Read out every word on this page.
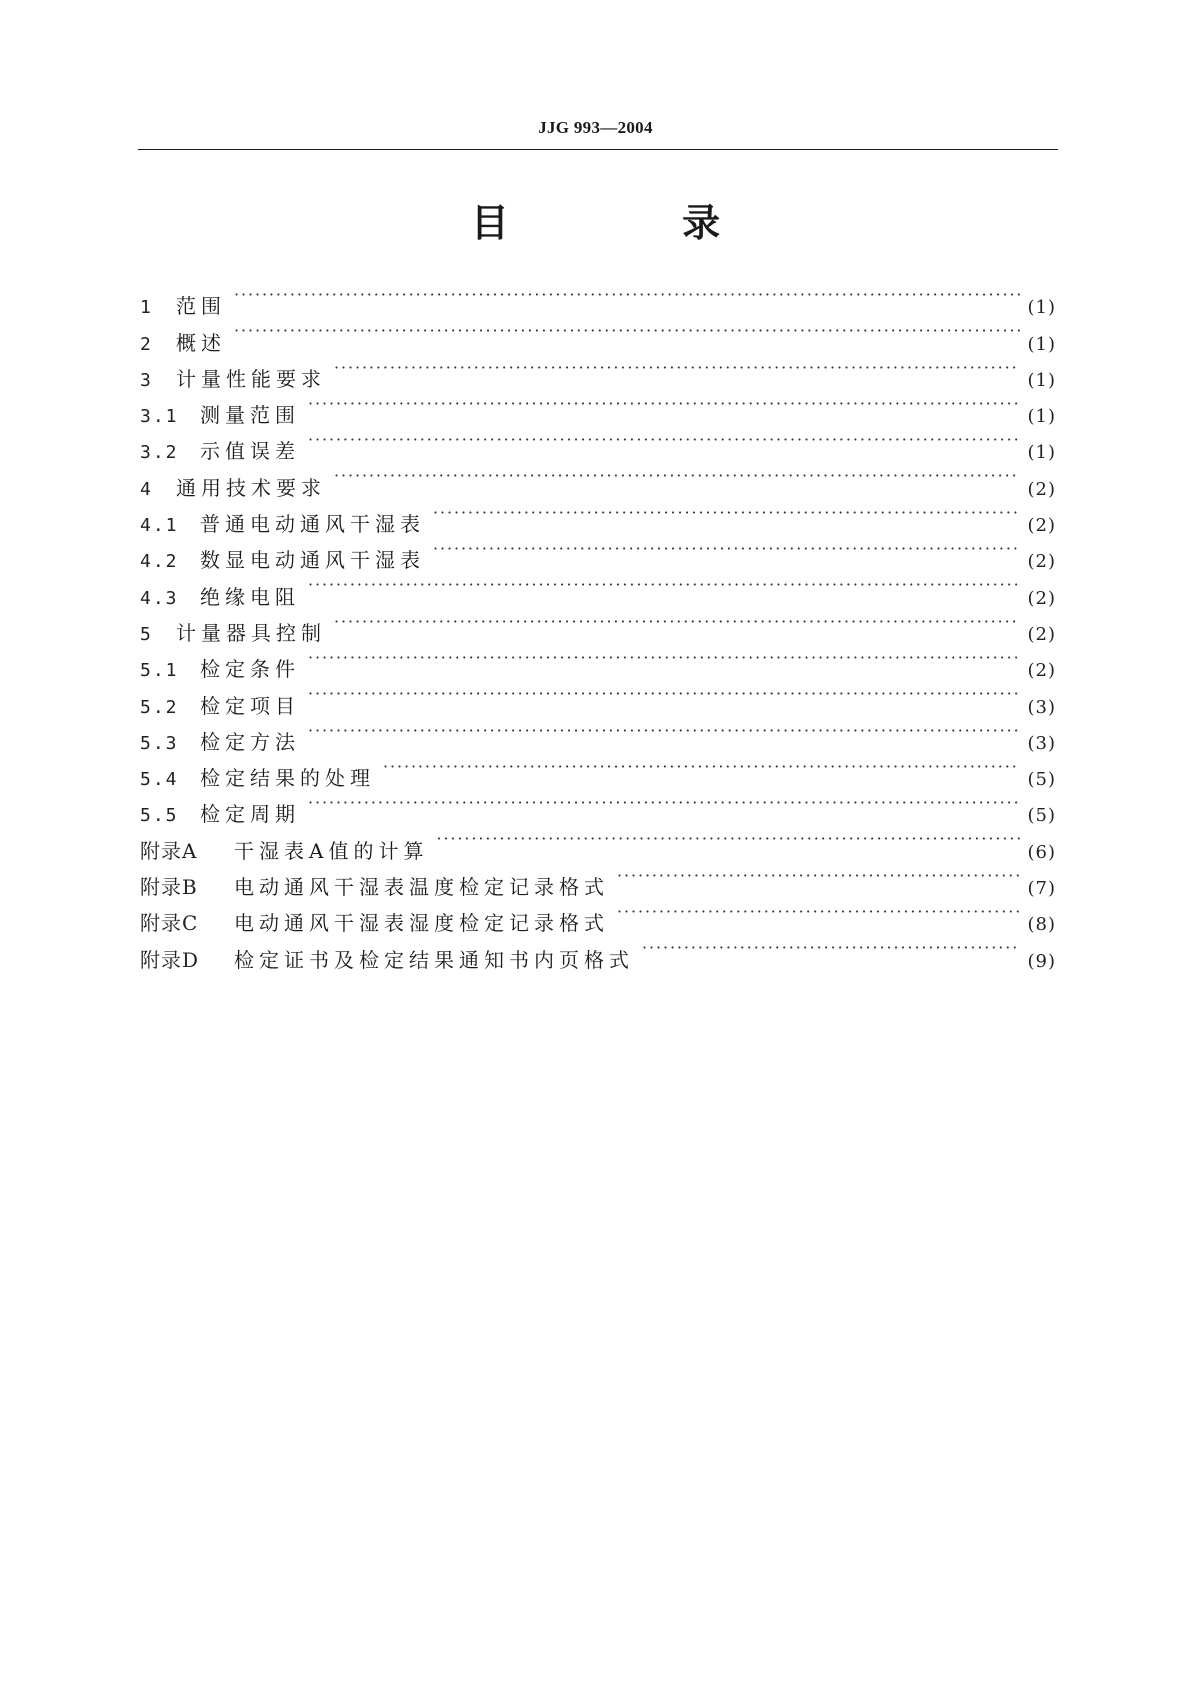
JJG 993—2004
目 录
1	范围 ·····	(1)
2	概述 ·····	(1)
3	计量性能要求 ·····	(1)
3.1	测量范围 ·····	(1)
3.2	示值误差 ·····	(1)
4	通用技术要求 ·····	(2)
4.1	普通电动通风干湿表 ·····	(2)
4.2	数显电动通风干湿表 ·····	(2)
4.3	绝缘电阻 ·····	(2)
5	计量器具控制 ·····	(2)
5.1	检定条件 ·····	(2)
5.2	检定项目 ·····	(3)
5.3	检定方法 ·····	(3)
5.4	检定结果的处理 ·····	(5)
5.5	检定周期 ·····	(5)
附录A	干湿表A值的计算 ·····	(6)
附录B	电动通风干湿表温度检定记录格式 ·····	(7)
附录C	电动通风干湿表湿度检定记录格式 ·····	(8)
附录D	检定证书及检定结果通知书内页格式 ·····	(9)
